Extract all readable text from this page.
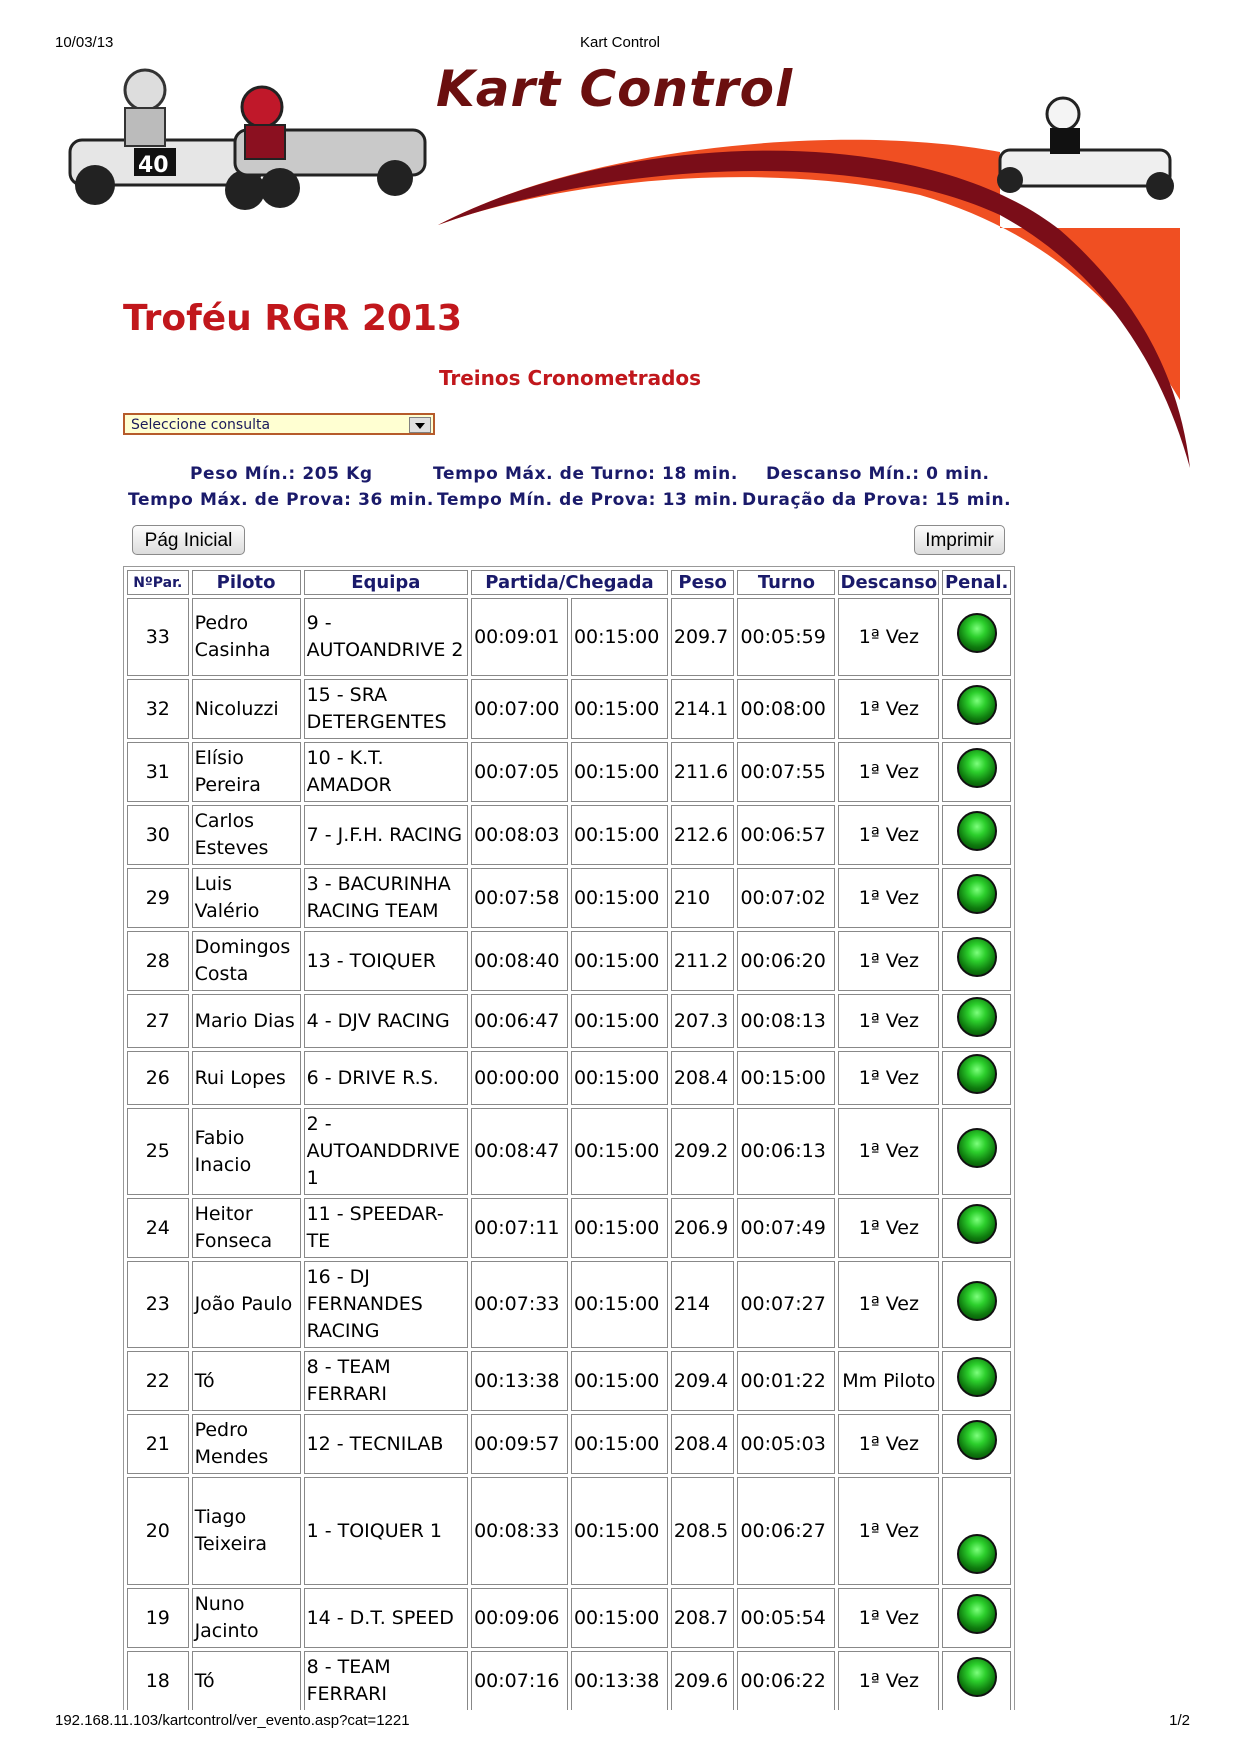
10/03/13	Kart Control
40
Kart Control
Troféu RGR 2013
Treinos Cronometrados
Seleccione consulta
Peso Mín.: 205 Kg	Tempo Máx. de Turno: 18 min. Descanso Mín.: 0 min.
Tempo Máx. de Prova: 36 min. Tempo Mín. de Prova: 13 min. Duração da Prova: 15 min.
Pág Inicial	Imprimir
NºPar.	Piloto	Equipa	Partida/Chegada		Peso	Turno	Descanso	Penal.
33	Pedro Casinha	9 - AUTOANDRIVE 2	00:09:01	00:15:00	209.7	00:05:59	1ª Vez	
32	Nicoluzzi	15 - SRA DETERGENTES	00:07:00	00:15:00	214.1	00:08:00	1ª Vez	
31	Elísio Pereira	10 - K.T. AMADOR	00:07:05	00:15:00	211.6	00:07:55	1ª Vez	
30	Carlos Esteves	7 - J.F.H. RACING	00:08:03	00:15:00	212.6	00:06:57	1ª Vez	
29	Luis Valério	3 - BACURINHA RACING TEAM	00:07:58	00:15:00	210	00:07:02	1ª Vez	
28	Domingos Costa	13 - TOIQUER	00:08:40	00:15:00	211.2	00:06:20	1ª Vez	
27	Mario Dias	4 - DJV RACING	00:06:47	00:15:00	207.3	00:08:13	1ª Vez	
26	Rui Lopes	6 - DRIVE R.S.	00:00:00	00:15:00	208.4	00:15:00	1ª Vez	
25	Fabio Inacio	2 - AUTOANDDRIVE 1	00:08:47	00:15:00	209.2	00:06:13	1ª Vez	
24	Heitor Fonseca	11 - SPEEDAR-TE	00:07:11	00:15:00	206.9	00:07:49	1ª Vez	
23	João Paulo	16 - DJ FERNANDES RACING	00:07:33	00:15:00	214	00:07:27	1ª Vez	
22	Tó	8 - TEAM FERRARI	00:13:38	00:15:00	209.4	00:01:22	Mm Piloto	
21	Pedro Mendes	12 - TECNILAB	00:09:57	00:15:00	208.4	00:05:03	1ª Vez	
20	Tiago Teixeira	1 - TOIQUER 1	00:08:33	00:15:00	208.5	00:06:27	1ª Vez	
19	Nuno Jacinto	14 - D.T. SPEED	00:09:06	00:15:00	208.7	00:05:54	1ª Vez	
18	Tó	8 - TEAM FERRARI	00:07:16	00:13:38	209.6	00:06:22	1ª Vez	
192.168.11.103/kartcontrol/ver_evento.asp?cat=1221	1/2
